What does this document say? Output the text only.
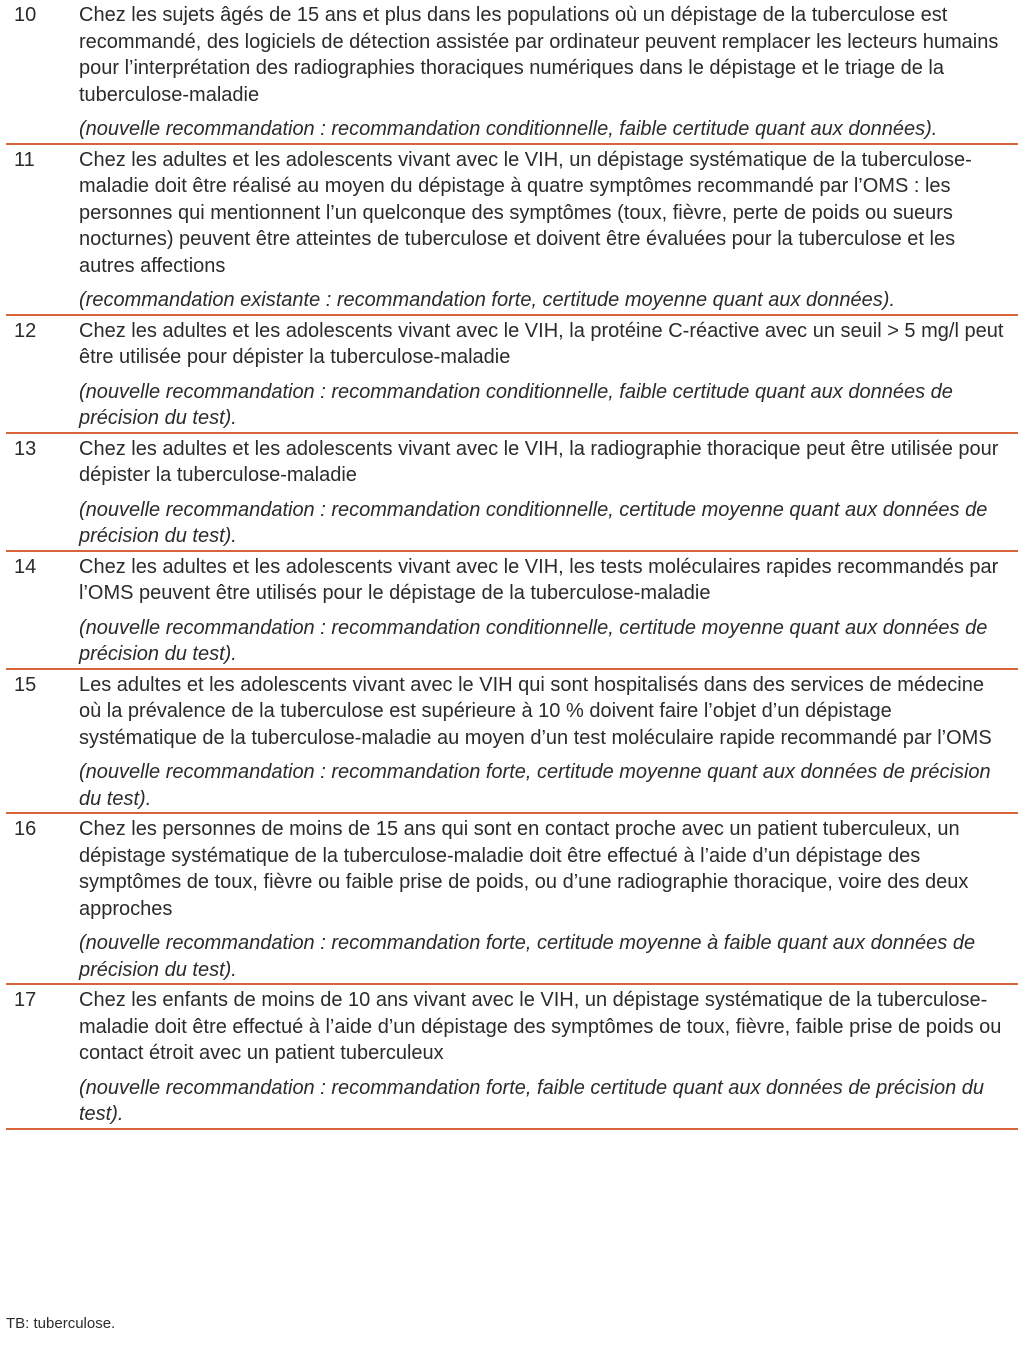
10	Chez les sujets âgés de 15 ans et plus dans les populations où un dépistage de la tuberculose est recommandé, des logiciels de détection assistée par ordinateur peuvent remplacer les lecteurs humains pour l’interprétation des radiographies thoraciques numériques dans le dépistage et le triage de la tuberculose-maladie

(nouvelle recommandation : recommandation conditionnelle, faible certitude quant aux données).

11	Chez les adultes et les adolescents vivant avec le VIH, un dépistage systématique de la tuberculose-maladie doit être réalisé au moyen du dépistage à quatre symptômes recommandé par l’OMS : les personnes qui mentionnent l’un quelconque des symptômes (toux, fièvre, perte de poids ou sueurs nocturnes) peuvent être atteintes de tuberculose et doivent être évaluées pour la tuberculose et les autres affections

(recommandation existante : recommandation forte, certitude moyenne quant aux données).

12	Chez les adultes et les adolescents vivant avec le VIH, la protéine C-réactive avec un seuil > 5 mg/l peut être utilisée pour dépister la tuberculose-maladie

(nouvelle recommandation : recommandation conditionnelle, faible certitude quant aux données de précision du test).

13	Chez les adultes et les adolescents vivant avec le VIH, la radiographie thoracique peut être utilisée pour dépister la tuberculose-maladie

(nouvelle recommandation : recommandation conditionnelle, certitude moyenne quant aux données de précision du test).

14	Chez les adultes et les adolescents vivant avec le VIH, les tests moléculaires rapides recommandés par l’OMS peuvent être utilisés pour le dépistage de la tuberculose-maladie

(nouvelle recommandation : recommandation conditionnelle, certitude moyenne quant aux données de précision du test).

15	Les adultes et les adolescents vivant avec le VIH qui sont hospitalisés dans des services de médecine où la prévalence de la tuberculose est supérieure à 10 % doivent faire l’objet d’un dépistage systématique de la tuberculose-maladie au moyen d’un test moléculaire rapide recommandé par l’OMS

(nouvelle recommandation : recommandation forte, certitude moyenne quant aux données de précision du test).

16	Chez les personnes de moins de 15 ans qui sont en contact proche avec un patient tuberculeux, un dépistage systématique de la tuberculose-maladie doit être effectué à l’aide d’un dépistage des symptômes de toux, fièvre ou faible prise de poids, ou d’une radiographie thoracique, voire des deux approches

(nouvelle recommandation : recommandation forte, certitude moyenne à faible quant aux données de précision du test).

17	Chez les enfants de moins de 10 ans vivant avec le VIH, un dépistage systématique de la tuberculose-maladie doit être effectué à l’aide d’un dépistage des symptômes de toux, fièvre, faible prise de poids ou contact étroit avec un patient tuberculeux

(nouvelle recommandation : recommandation forte, faible certitude quant aux données de précision du test).

TB: tuberculose.
